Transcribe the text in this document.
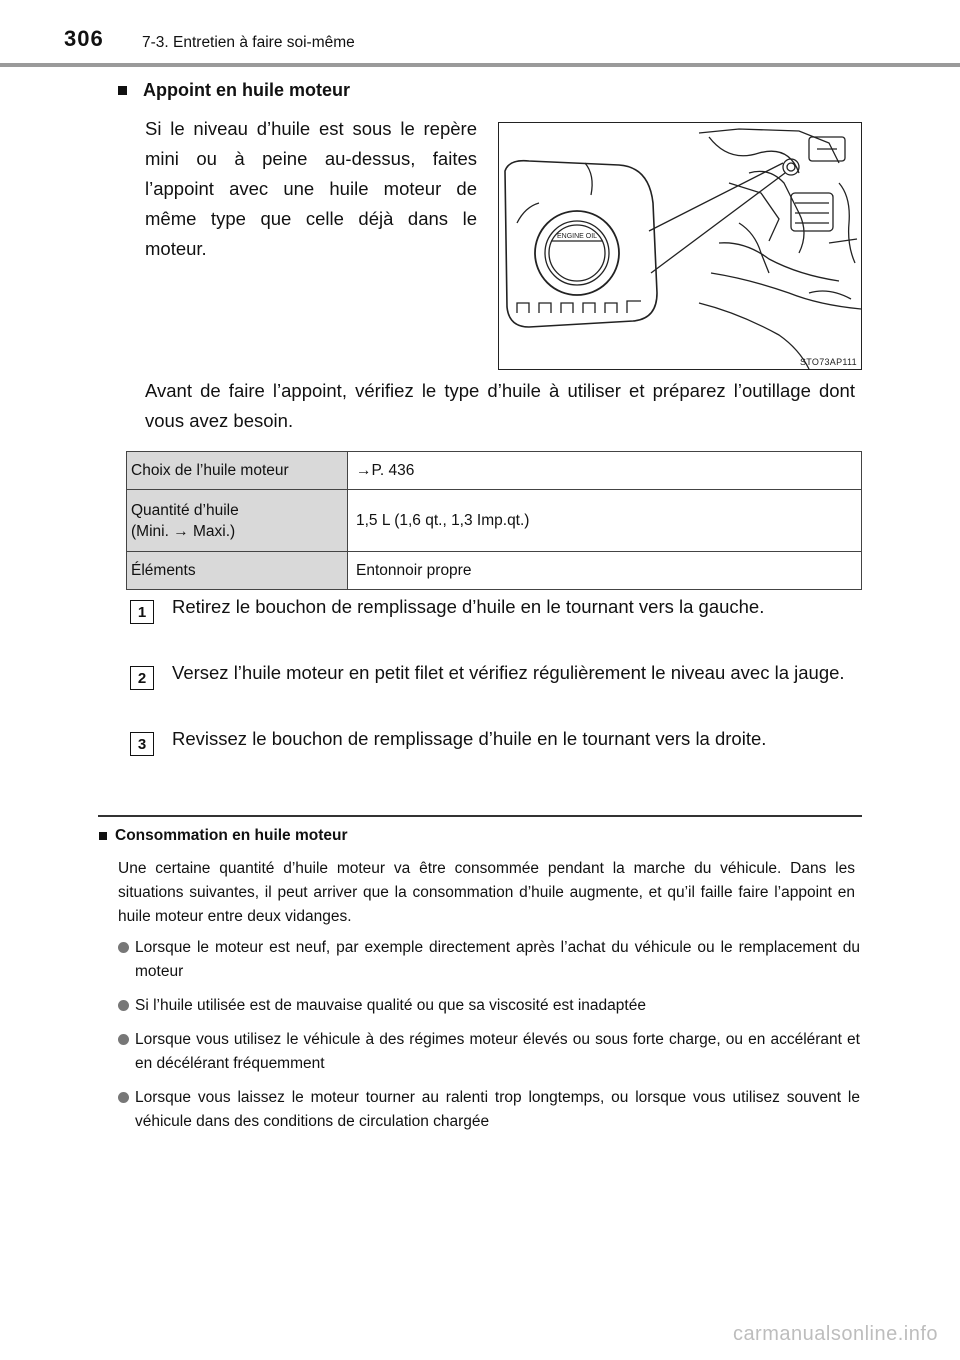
306 7-3. Entretien à faire soi-même
Appoint en huile moteur
Si le niveau d’huile est sous le repère mini ou à peine au-dessus, faites l’appoint avec une huile moteur de même type que celle déjà dans le moteur.
ENGINE OIL
STO73AP111
Avant de faire l’appoint, vérifiez le type d’huile à utiliser et préparez l’outillage dont vous avez besoin.
Choix de l’huile moteur	→P. 436
Quantité d’huile
(Mini. → Maxi.)	1,5 L (1,6 qt., 1,3 Imp.qt.)
Éléments	Entonnoir propre
1	Retirez le bouchon de remplissage d’huile en le tournant vers la gauche.
2	Versez l’huile moteur en petit filet et vérifiez régulièrement le niveau avec la jauge.
3	Revissez le bouchon de remplissage d’huile en le tournant vers la droite.
Consommation en huile moteur
Une certaine quantité d’huile moteur va être consommée pendant la marche du véhicule. Dans les situations suivantes, il peut arriver que la consommation d’huile augmente, et qu’il faille faire l’appoint en huile moteur entre deux vidanges.
Lorsque le moteur est neuf, par exemple directement après l’achat du véhicule ou le remplacement du moteur
Si l’huile utilisée est de mauvaise qualité ou que sa viscosité est inadaptée
Lorsque vous utilisez le véhicule à des régimes moteur élevés ou sous forte charge, ou en accélérant et en décélérant fréquemment
Lorsque vous laissez le moteur tourner au ralenti trop longtemps, ou lorsque vous utilisez souvent le véhicule dans des conditions de circulation chargée
carmanualsonline.info
